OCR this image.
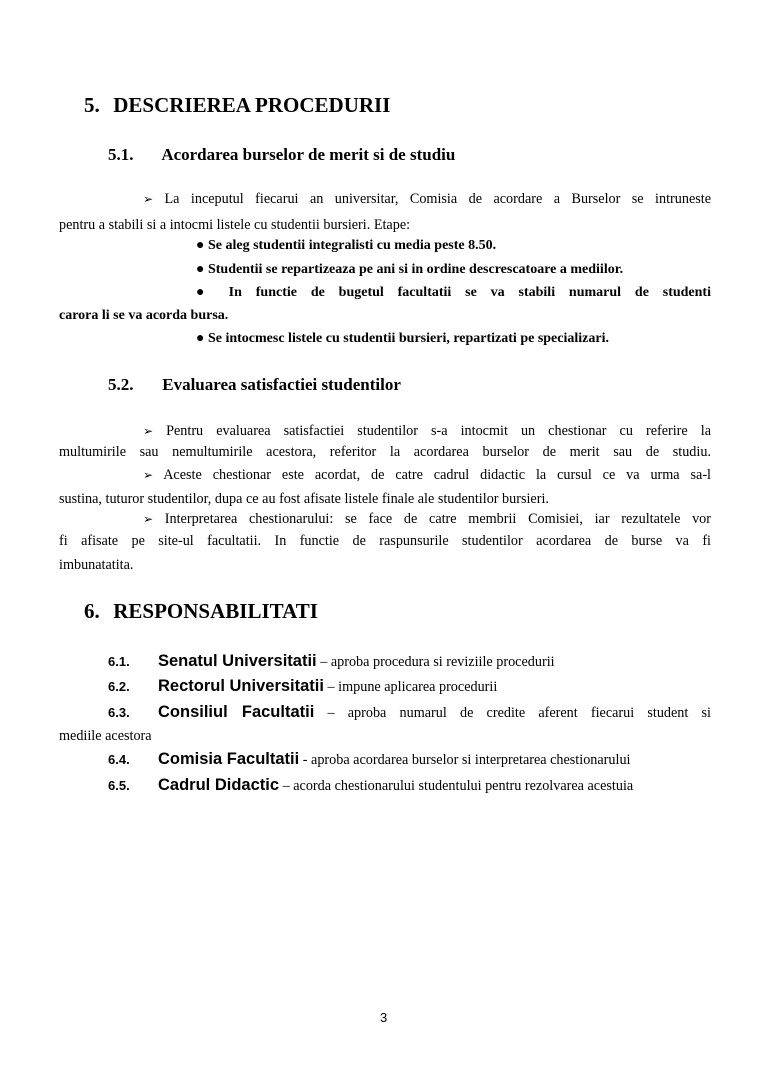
5. DESCRIEREA PROCEDURII
5.1. Acordarea burselor de merit si de studiu
➢ La inceputul fiecarui an universitar, Comisia de acordare a Burselor se intruneste
pentru a stabili si a intocmi listele cu studentii bursieri. Etape:
● Se aleg studentii integralisti cu media peste 8.50.
● Studentii se repartizeaza pe ani si in ordine descrescatoare a mediilor.
● In functie de bugetul facultatii se va stabili numarul de studenti
carora li se va acorda bursa.
● Se intocmesc listele cu studentii bursieri, repartizati pe specializari.
5.2. Evaluarea satisfactiei studentilor
➢ Pentru evaluarea satisfactiei studentilor s-a intocmit un chestionar cu referire la
multumirile sau nemultumirile acestora, referitor la acordarea burselor de merit sau de studiu.
➢ Aceste chestionar este acordat, de catre cadrul didactic la cursul ce va urma sa-l
sustina, tuturor studentilor, dupa ce au fost afisate listele finale ale studentilor bursieri.
➢ Interpretarea chestionarului: se face de catre membrii Comisiei, iar rezultatele vor
fi afisate pe site-ul facultatii. In functie de raspunsurile studentilor acordarea de burse va fi
imbunatatita.
6. RESPONSABILITATI
6.1. Senatul Universitatii – aproba procedura si reviziile procedurii
6.2. Rectorul Universitatii – impune aplicarea procedurii
6.3. Consiliul Facultatii – aproba numarul de credite aferent fiecarui student si
mediile acestora
6.4. Comisia Facultatii - aproba acordarea burselor si interpretarea chestionarului
6.5. Cadrul Didactic – acorda chestionarului studentului pentru rezolvarea acestuia
3
